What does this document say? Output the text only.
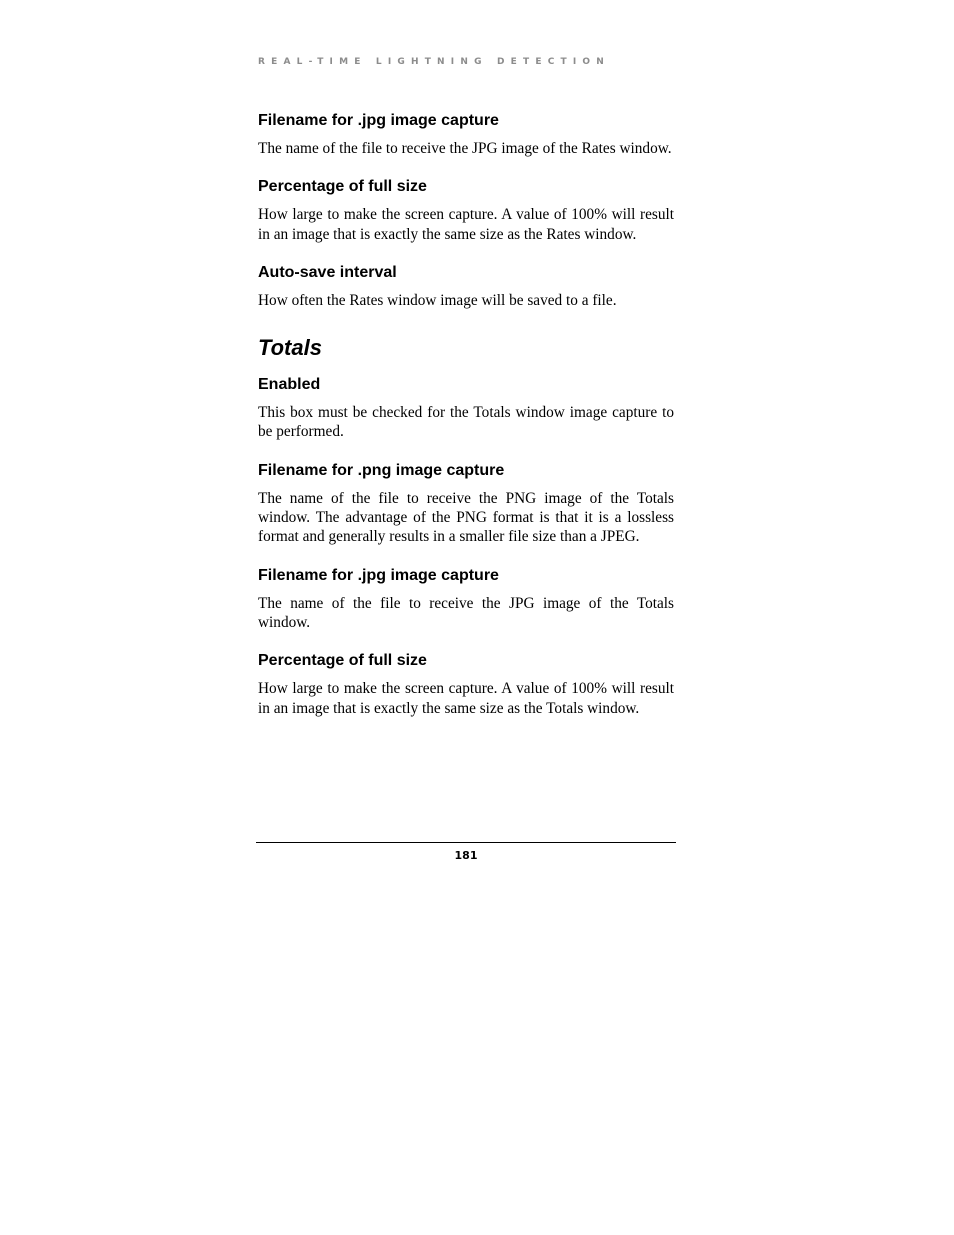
REAL-TIME LIGHTNING DETECTION
Filename for .jpg image capture

The name of the file to receive the JPG image of the Rates window.

Percentage of full size

How large to make the screen capture. A value of 100% will result in an image that is exactly the same size as the Rates window.

Auto-save interval

How often the Rates window image will be saved to a file.

Totals
Enabled

This box must be checked for the Totals window image capture to be performed.

Filename for .png image capture

The name of the file to receive the PNG image of the Totals window. The advantage of the PNG format is that it is a lossless format and generally results in a smaller file size than a JPEG.

Filename for .jpg image capture

The name of the file to receive the JPG image of the Totals window.

Percentage of full size

How large to make the screen capture. A value of 100% will result in an image that is exactly the same size as the Totals window.

181
